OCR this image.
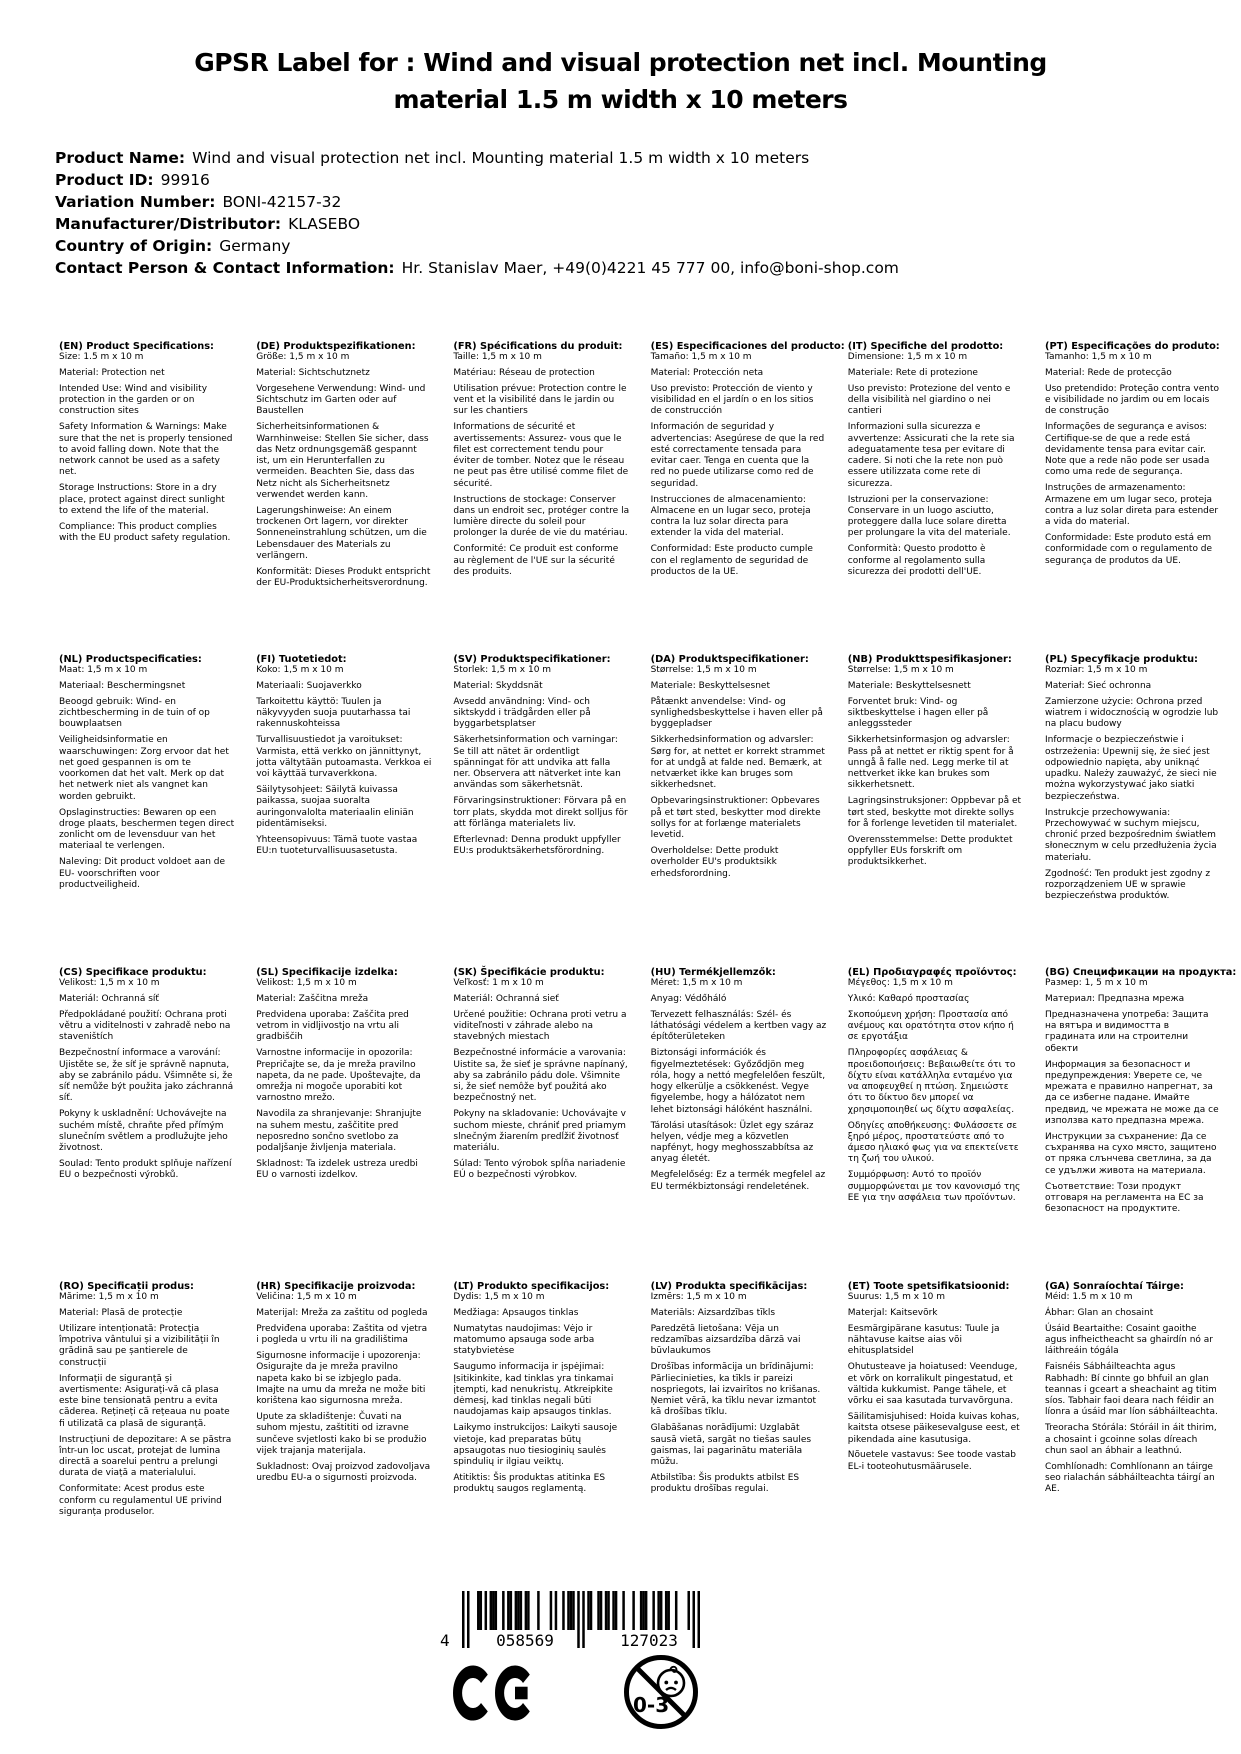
GPSR Label for : Wind and visual protection net incl. Mounting
material 1.5 m width x 10 meters
Product Name: Wind and visual protection net incl. Mounting material 1.5 m width x 10 meters
Product ID: 99916
Variation Number: BONI-42157-32
Manufacturer/Distributor: KLASEBO
Country of Origin: Germany
Contact Person & Contact Information: Hr. Stanislav Maer, +49(0)4221 45 777 00, info@boni-shop.com
(EN) Product Specifications:

Size: 1.5 m x 10 m

Material: Protection net

Intended Use: Wind and visibility protection in the garden or on construction sites

Safety Information & Warnings: Make sure that the net is properly tensioned to avoid falling down. Note that the network cannot be used as a safety net.

Storage Instructions: Store in a dry place, protect against direct sunlight to extend the life of the material.

Compliance: This product complies with the EU product safety regulation.

(DE) Produktspezifikationen:

Größe: 1,5 m x 10 m

Material: Sichtschutznetz

Vorgesehene Verwendung: Wind- und Sichtschutz im Garten oder auf Baustellen

Sicherheitsinformationen & Warnhinweise: Stellen Sie sicher, dass das Netz ordnungsgemäß gespannt ist, um ein Herunterfallen zu vermeiden. Beachten Sie, dass das Netz nicht als Sicherheitsnetz verwendet werden kann.

Lagerungshinweise: An einem trockenen Ort lagern, vor direkter Sonneneinstrahlung schützen, um die Lebensdauer des Materials zu verlängern.

Konformität: Dieses Produkt entspricht der EU-Produktsicherheitsverordnung.

(FR) Spécifications du produit:

Taille: 1,5 m x 10 m

Matériau: Réseau de protection

Utilisation prévue: Protection contre le vent et la visibilité dans le jardin ou sur les chantiers

Informations de sécurité et avertissements: Assurez- vous que le filet est correctement tendu pour éviter de tomber. Notez que le réseau ne peut pas être utilisé comme filet de sécurité.

Instructions de stockage: Conserver dans un endroit sec, protéger contre la lumière directe du soleil pour prolonger la durée de vie du matériau.

Conformité: Ce produit est conforme au règlement de l'UE sur la sécurité des produits.

(ES) Especificaciones del producto:

Tamaño: 1,5 m x 10 m

Material: Protección neta

Uso previsto: Protección de viento y visibilidad en el jardín o en los sitios de construcción

Información de seguridad y advertencias: Asegúrese de que la red esté correctamente tensada para evitar caer. Tenga en cuenta que la red no puede utilizarse como red de seguridad.

Instrucciones de almacenamiento: Almacene en un lugar seco, proteja contra la luz solar directa para extender la vida del material.

Conformidad: Este producto cumple con el reglamento de seguridad de productos de la UE.

(IT) Specifiche del prodotto:

Dimensione: 1,5 m x 10 m

Materiale: Rete di protezione

Uso previsto: Protezione del vento e della visibilità nel giardino o nei cantieri

Informazioni sulla sicurezza e avvertenze: Assicurati che la rete sia adeguatamente tesa per evitare di cadere. Si noti che la rete non può essere utilizzata come rete di sicurezza.

Istruzioni per la conservazione: Conservare in un luogo asciutto, proteggere dalla luce solare diretta per prolungare la vita del materiale.

Conformità: Questo prodotto è conforme al regolamento sulla sicurezza dei prodotti dell'UE.

(PT) Especificações do produto:

Tamanho: 1,5 m x 10 m

Material: Rede de protecção

Uso pretendido: Proteção contra vento e visibilidade no jardim ou em locais de construção

Informações de segurança e avisos: Certifique-se de que a rede está devidamente tensa para evitar cair. Note que a rede não pode ser usada como uma rede de segurança.

Instruções de armazenamento: Armazene em um lugar seco, proteja contra a luz solar direta para estender a vida do material.

Conformidade: Este produto está em conformidade com o regulamento de segurança de produtos da UE.

(NL) Productspecificaties:

Maat: 1,5 m x 10 m

Materiaal: Beschermingsnet

Beoogd gebruik: Wind- en zichtbescherming in de tuin of op bouwplaatsen

Veiligheidsinformatie en waarschuwingen: Zorg ervoor dat het net goed gespannen is om te voorkomen dat het valt. Merk op dat het netwerk niet als vangnet kan worden gebruikt.

Opslaginstructies: Bewaren op een droge plaats, beschermen tegen direct zonlicht om de levensduur van het materiaal te verlengen.

Naleving: Dit product voldoet aan de EU- voorschriften voor productveiligheid.

(FI) Tuotetiedot:

Koko: 1,5 m x 10 m

Materiaali: Suojaverkko

Tarkoitettu käyttö: Tuulen ja näkyvyyden suoja puutarhassa tai rakennuskohteissa

Turvallisuustiedot ja varoitukset: Varmista, että verkko on jännittynyt, jotta vältytään putoamasta. Verkkoa ei voi käyttää turvaverkkona.

Säilytysohjeet: Säilytä kuivassa paikassa, suojaa suoralta auringonvalolta materiaalin eliniän pidentämiseksi.

Yhteensopivuus: Tämä tuote vastaa EU:n tuoteturvallisuusasetusta.

(SV) Produktspecifikationer:

Storlek: 1,5 m x 10 m

Material: Skyddsnät

Avsedd användning: Vind- och siktskydd i trädgården eller på byggarbetsplatser

Säkerhetsinformation och varningar: Se till att nätet är ordentligt spänningat för att undvika att falla ner. Observera att nätverket inte kan användas som säkerhetsnät.

Förvaringsinstruktioner: Förvara på en torr plats, skydda mot direkt solljus för att förlänga materialets liv.

Efterlevnad: Denna produkt uppfyller EU:s produktsäkerhetsförordning.

(DA) Produktspecifikationer:

Størrelse: 1,5 m x 10 m

Materiale: Beskyttelsesnet

Påtænkt anvendelse: Vind- og synlighedsbeskyttelse i haven eller på byggepladser

Sikkerhedsinformation og advarsler: Sørg for, at nettet er korrekt strammet for at undgå at falde ned. Bemærk, at netværket ikke kan bruges som sikkerhedsnet.

Opbevaringsinstruktioner: Opbevares på et tørt sted, beskytter mod direkte sollys for at forlænge materialets levetid.

Overholdelse: Dette produkt overholder EU's produktsikk erhedsforordning.

(NB) Produkttspesifikasjoner:

Størrelse: 1,5 m x 10 m

Materiale: Beskyttelsesnett

Forventet bruk: Vind- og siktbeskyttelse i hagen eller på anleggssteder

Sikkerhetsinformasjon og advarsler: Pass på at nettet er riktig spent for å unngå å falle ned. Legg merke til at nettverket ikke kan brukes som sikkerhetsnett.

Lagringsinstruksjoner: Oppbevar på et tørt sted, beskytte mot direkte sollys for å forlenge levetiden til materialet.

Overensstemmelse: Dette produktet oppfyller EUs forskrift om produktsikkerhet.

(PL) Specyfikacje produktu:

Rozmiar: 1,5 m x 10 m

Materiał: Sieć ochronna

Zamierzone użycie: Ochrona przed wiatrem i widocznością w ogrodzie lub na placu budowy

Informacje o bezpieczeństwie i ostrzeżenia: Upewnij się, że sieć jest odpowiednio napięta, aby uniknąć upadku. Należy zauważyć, że sieci nie można wykorzystywać jako siatki bezpieczeństwa.

Instrukcje przechowywania: Przechowywać w suchym miejscu, chronić przed bezpośrednim światłem słonecznym w celu przedłużenia życia materiału.

Zgodność: Ten produkt jest zgodny z rozporządzeniem UE w sprawie bezpieczeństwa produktów.

(CS) Specifikace produktu:

Velikost: 1,5 m x 10 m

Materiál: Ochranná síť

Předpokládané použití: Ochrana proti větru a viditelnosti v zahradě nebo na staveništích

Bezpečnostní informace a varování: Ujistěte se, že síť je správně napnuta, aby se zabránilo pádu. Všimněte si, že síť nemůže být použita jako záchranná síť.

Pokyny k uskladnění: Uchovávejte na suchém místě, chraňte před přímým slunečním světlem a prodlužujte jeho životnost.

Soulad: Tento produkt splňuje nařízení EU o bezpečnosti výrobků.

(SL) Specifikacije izdelka:

Velikost: 1,5 m x 10 m

Material: Zaščitna mreža

Predvidena uporaba: Zaščita pred vetrom in vidljivostjo na vrtu ali gradbiščih

Varnostne informacije in opozorila: Prepričajte se, da je mreža pravilno napeta, da ne pade. Upoštevajte, da omrežja ni mogoče uporabiti kot varnostno mrežo.

Navodila za shranjevanje: Shranjujte na suhem mestu, zaščitite pred neposredno sončno svetlobo za podaljšanje življenja materiala.

Skladnost: Ta izdelek ustreza uredbi EU o varnosti izdelkov.

(SK) Špecifikácie produktu:

Veľkosť: 1 m x 10 m

Materiál: Ochranná sieť

Určené použitie: Ochrana proti vetru a viditeľnosti v záhrade alebo na stavebných miestach

Bezpečnostné informácie a varovania: Uistite sa, že sieť je správne napínaný, aby sa zabránilo pádu dole. Všimnite si, že sieť nemôže byť použitá ako bezpečnostný net.

Pokyny na skladovanie: Uchovávajte v suchom mieste, chrániť pred priamym slnečným žiarením predĺžiť životnosť materiálu.

Súlad: Tento výrobok spĺňa nariadenie EÚ o bezpečnosti výrobkov.

(HU) Termékjellemzők:

Méret: 1,5 m x 10 m

Anyag: Védőháló

Tervezett felhasználás: Szél- és láthatósági védelem a kertben vagy az építőterületeken

Biztonsági információk és figyelmeztetések: Győződjön meg róla, hogy a nettó megfelelően feszült, hogy elkerülje a csökkenést. Vegye figyelembe, hogy a hálózatot nem lehet biztonsági hálóként használni.

Tárolási utasítások: Üzlet egy száraz helyen, védje meg a közvetlen napfényt, hogy meghosszabbítsa az anyag életét.

Megfelelőség: Ez a termék megfelel az EU termékbiztonsági rendeletének.

(EL) Προδιαγραφές προϊόντος:

Μέγεθος: 1,5 m x 10 m

Υλικό: Καθαρό προστασίας

Σκοπούμενη χρήση: Προστασία από ανέμους και ορατότητα στον κήπο ή σε εργοτάξια

Πληροφορίες ασφάλειας & προειδοποιήσεις: Βεβαιωθείτε ότι το δίχτυ είναι κατάλληλα ενταμένο για να αποφευχθεί η πτώση. Σημειώστε ότι το δίκτυο δεν μπορεί να χρησιμοποιηθεί ως δίχτυ ασφαλείας.

Οδηγίες αποθήκευσης: Φυλάσσετε σε ξηρό μέρος, προστατεύστε από το άμεσο ηλιακό φως για να επεκτείνετε τη ζωή του υλικού.

Συμμόρφωση: Αυτό το προϊόν συμμορφώνεται με τον κανονισμό της ΕΕ για την ασφάλεια των προϊόντων.

(BG) Спецификации на продукта:

Размер: 1, 5 m x 10 m

Материал: Предпазна мрежа

Предназначена употреба: Защита на вятъра и видимостта в градината или на строителни обекти

Информация за безопасност и предупреждения: Уверете се, че мрежата е правилно напрегнат, за да се избегне падане. Имайте предвид, че мрежата не може да се използва като предпазна мрежа.

Инструкции за съхранение: Да се съхранява на сухо място, защитено от пряка слънчева светлина, за да се удължи живота на материала.

Съответствие: Този продукт отговаря на регламента на ЕС за безопасност на продуктите.

(RO) Specificații produs:

Mărime: 1,5 m x 10 m

Material: Plasă de protecție

Utilizare intenționată: Protecția împotriva vântului și a vizibilității în grădină sau pe șantierele de construcții

Informații de siguranță și avertismente: Asigurați-vă că plasa este bine tensionată pentru a evita căderea. Rețineți că rețeaua nu poate fi utilizată ca plasă de siguranță.

Instrucțiuni de depozitare: A se păstra într-un loc uscat, protejat de lumina directă a soarelui pentru a prelungi durata de viață a materialului.

Conformitate: Acest produs este conform cu regulamentul UE privind siguranța produselor.

(HR) Specifikacije proizvoda:

Veličina: 1,5 m x 10 m

Materijal: Mreža za zaštitu od pogleda

Predviđena uporaba: Zaštita od vjetra i pogleda u vrtu ili na gradilištima

Sigurnosne informacije i upozorenja: Osigurajte da je mreža pravilno napeta kako bi se izbjeglo pada. Imajte na umu da mreža ne može biti korištena kao sigurnosna mreža.

Upute za skladištenje: Čuvati na suhom mjestu, zaštititi od izravne sunčeve svjetlosti kako bi se produžio vijek trajanja materijala.

Sukladnost: Ovaj proizvod zadovoljava uredbu EU-a o sigurnosti proizvoda.

(LT) Produkto specifikacijos:

Dydis: 1,5 m x 10 m

Medžiaga: Apsaugos tinklas

Numatytas naudojimas: Vėjo ir matomumo apsauga sode arba statybvietėse

Saugumo informacija ir įspėjimai: Įsitikinkite, kad tinklas yra tinkamai įtempti, kad nenukristų. Atkreipkite dėmesį, kad tinklas negali būti naudojamas kaip apsaugos tinklas.

Laikymo instrukcijos: Laikyti sausoje vietoje, kad preparatas būtų apsaugotas nuo tiesioginių saulės spindulių ir ilgiau veiktų.

Atitiktis: Šis produktas atitinka ES produktų saugos reglamentą.

(LV) Produkta specifikācijas:

Izmērs: 1,5 m x 10 m

Materiāls: Aizsardzības tīkls

Paredzētā lietošana: Vēja un redzamības aizsardzība dārzā vai būvlaukumos

Drošības informācija un brīdinājumi: Pārliecinieties, ka tīkls ir pareizi nospriegots, lai izvairītos no krišanas. Ņemiet vērā, ka tīklu nevar izmantot kā drošības tīklu.

Glabāšanas norādījumi: Uzglabāt sausā vietā, sargāt no tiešas saules gaismas, lai pagarinātu materiāla mūžu.

Atbilstība: Šis produkts atbilst ES produktu drošības regulai.

(ET) Toote spetsifikatsioonid:

Suurus: 1,5 m x 10 m

Materjal: Kaitsevõrk

Eesmärgipärane kasutus: Tuule ja nähtavuse kaitse aias või ehitusplatsidel

Ohutusteave ja hoiatused: Veenduge, et võrk on korralikult pingestatud, et vältida kukkumist. Pange tähele, et võrku ei saa kasutada turvavõrguna.

Säilitamisjuhised: Hoida kuivas kohas, kaitsta otsese päikesevalguse eest, et pikendada aine kasutusiga.

Nõuetele vastavus: See toode vastab EL-i tooteohutusmäärusele.

(GA) Sonraíochtaí Táirge:

Méid: 1.5 m x 10 m

Ábhar: Glan an chosaint

Úsáid Beartaithe: Cosaint gaoithe agus infheictheacht sa ghairdín nó ar láithreáin tógála

Faisnéis Sábháilteachta agus Rabhadh: Bí cinnte go bhfuil an glan teannas i gceart a sheachaint ag titim síos. Tabhair faoi deara nach féidir an líonra a úsáid mar líon sábháilteachta.

Treoracha Stórála: Stóráil in áit thirim, a chosaint i gcoinne solas díreach chun saol an ábhair a leathnú.

Comhlíonadh: Comhlíonann an táirge seo rialachán sábháilteachta táirgí an AE.

4	058569	127023
0-3
